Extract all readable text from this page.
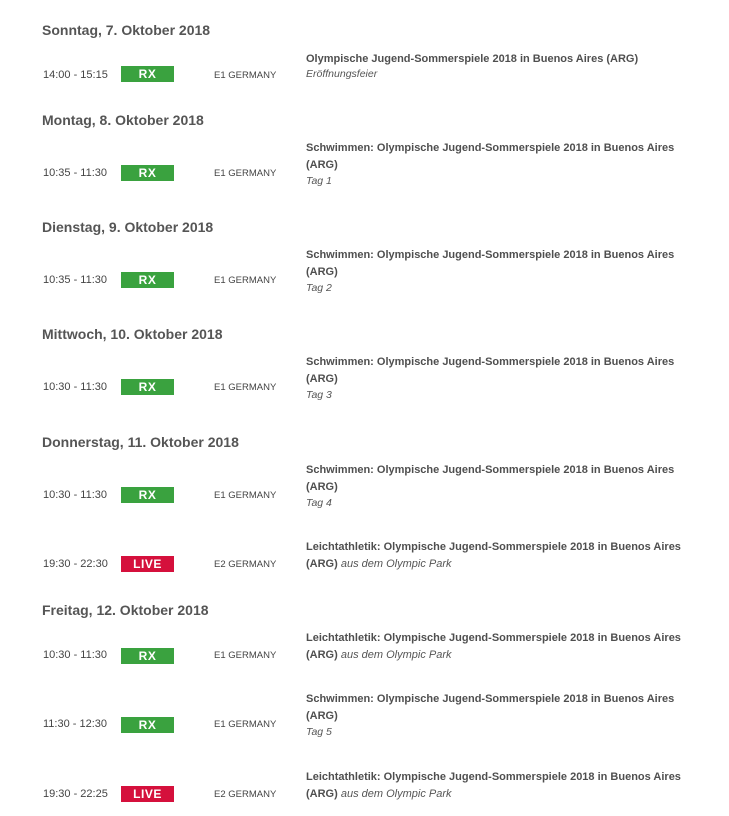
Sonntag, 7. Oktober 2018
14:00 - 15:15	RX	E1 GERMANY
Olympische Jugend-Sommerspiele 2018 in Buenos Aires (ARG)
Eröffnungsfeier
Montag, 8. Oktober 2018
10:35 - 11:30	RX	E1 GERMANY
Schwimmen: Olympische Jugend-Sommerspiele 2018 in Buenos Aires (ARG)
Tag 1
Dienstag, 9. Oktober 2018
10:35 - 11:30	RX	E1 GERMANY
Schwimmen: Olympische Jugend-Sommerspiele 2018 in Buenos Aires (ARG)
Tag 2
Mittwoch, 10. Oktober 2018
10:30 - 11:30	RX	E1 GERMANY
Schwimmen: Olympische Jugend-Sommerspiele 2018 in Buenos Aires (ARG)
Tag 3
Donnerstag, 11. Oktober 2018
10:30 - 11:30	RX	E1 GERMANY
Schwimmen: Olympische Jugend-Sommerspiele 2018 in Buenos Aires (ARG)
Tag 4
19:30 - 22:30	LIVE	E2 GERMANY
Leichtathletik: Olympische Jugend-Sommerspiele 2018 in Buenos Aires (ARG) aus dem Olympic Park
Freitag, 12. Oktober 2018
10:30 - 11:30	RX	E1 GERMANY
Leichtathletik: Olympische Jugend-Sommerspiele 2018 in Buenos Aires (ARG) aus dem Olympic Park
11:30 - 12:30	RX	E1 GERMANY
Schwimmen: Olympische Jugend-Sommerspiele 2018 in Buenos Aires (ARG)
Tag 5
19:30 - 22:25	LIVE	E2 GERMANY
Leichtathletik: Olympische Jugend-Sommerspiele 2018 in Buenos Aires (ARG) aus dem Olympic Park
